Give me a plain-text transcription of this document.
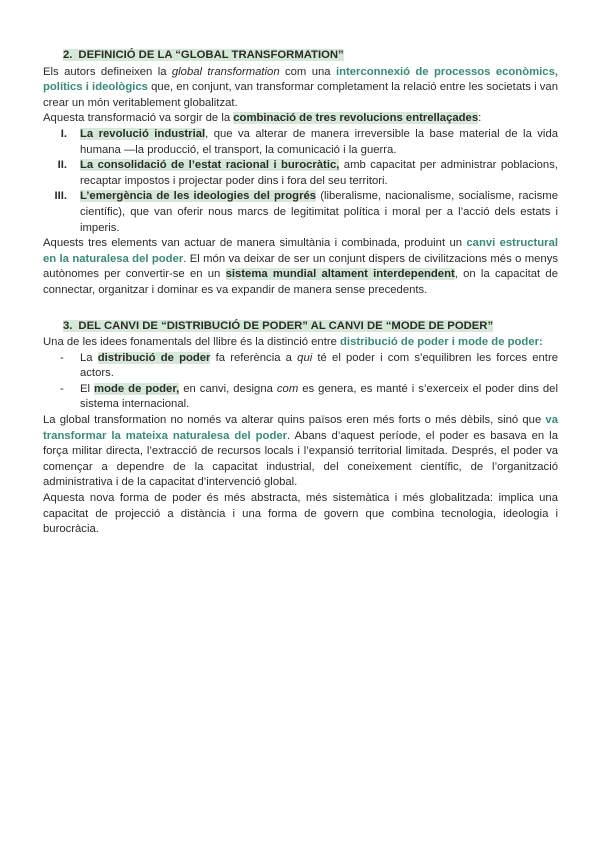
2. DEFINICIÓ DE LA “GLOBAL TRANSFORMATION”

Els autors defineixen la global transformation com una interconnexió de processos econòmics, polítics i ideològics que, en conjunt, van transformar completament la relació entre les societats i van crear un món veritablement globalitzat.

Aquesta transformació va sorgir de la combinació de tres revolucions entrellaçades:

I. La revolució industrial, que va alterar de manera irreversible la base material de la vida humana —la producció, el transport, la comunicació i la guerra.
II. La consolidació de l’estat racional i burocràtic, amb capacitat per administrar poblacions, recaptar impostos i projectar poder dins i fora del seu territori.
III. L’emergència de les ideologies del progrés (liberalisme, nacionalisme, socialisme, racisme científic), que van oferir nous marcs de legitimitat política i moral per a l’acció dels estats i imperis.

Aquests tres elements van actuar de manera simultània i combinada, produint un canvi estructural en la naturalesa del poder. El món va deixar de ser un conjunt dispers de civilitzacions més o menys autònomes per convertir-se en un sistema mundial altament interdependent, on la capacitat de connectar, organitzar i dominar es va expandir de manera sense precedents.

3. DEL CANVI DE “DISTRIBUCIÓ DE PODER” AL CANVI DE “MODE DE PODER”

Una de les idees fonamentals del llibre és la distinció entre distribució de poder i mode de poder:

- La distribució de poder fa referència a qui té el poder i com s’equilibren les forces entre actors.
- El mode de poder, en canvi, designa com es genera, es manté i s’exerceix el poder dins del sistema internacional.

La global transformation no només va alterar quins països eren més forts o més dèbils, sinó que va transformar la mateixa naturalesa del poder. Abans d’aquest període, el poder es basava en la força militar directa, l’extracció de recursos locals i l’expansió territorial limitada. Després, el poder va començar a dependre de la capacitat industrial, del coneixement científic, de l’organització administrativa i de la capacitat d’intervenció global.

Aquesta nova forma de poder és més abstracta, més sistemàtica i més globalitzada: implica una capacitat de projecció a distància i una forma de govern que combina tecnologia, ideologia i burocràcia.
